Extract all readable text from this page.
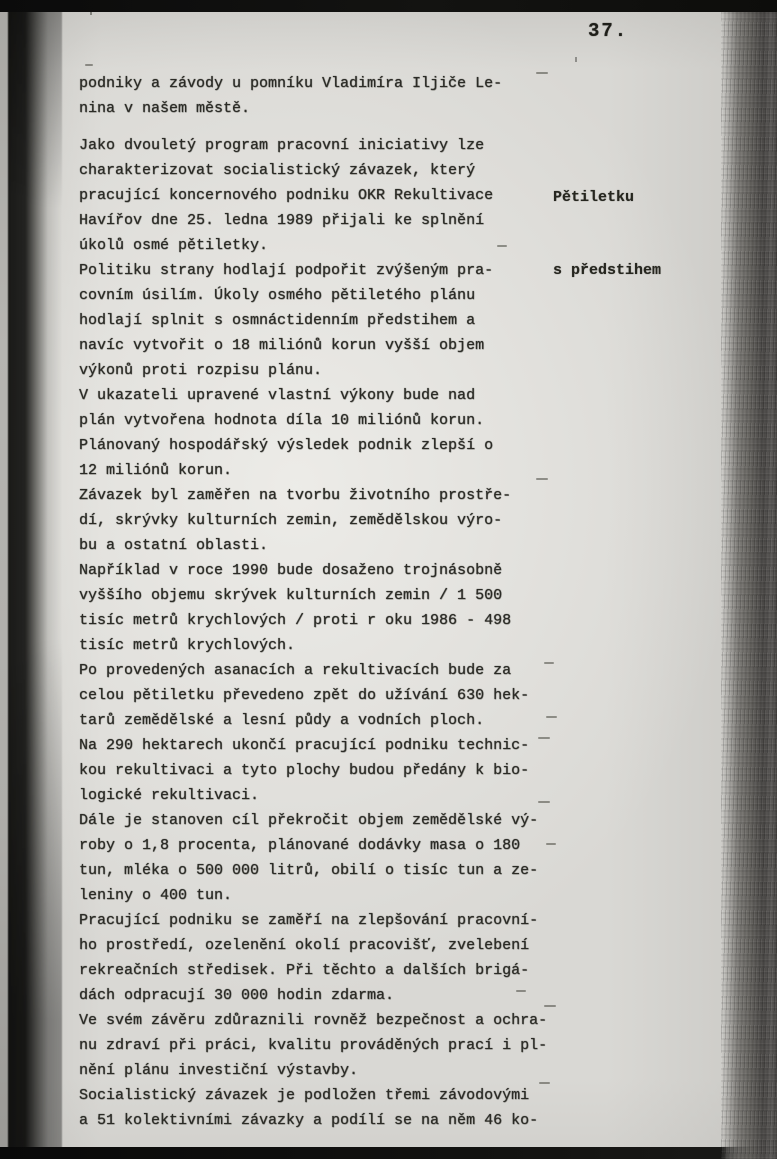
37.
podniky a závody u pomníku Vladimíra Iljiče Le-
nina v našem městě.
Jako dvouletý program pracovní iniciativy lze
charakterizovat socialistický závazek, který
pracující koncernového podniku OKR Rekultivace
Havířov dne 25. ledna 1989 přijali ke splnění
úkolů osmé pětiletky.
Politiku strany hodlají podpořit zvýšeným pra-
covním úsilím. Úkoly osmého pětiletého plánu
hodlají splnit s osmnáctidenním předstihem a
navíc vytvořit o 18 miliónů korun vyšší objem
výkonů proti rozpisu plánu.
V ukazateli upravené vlastní výkony bude nad
plán vytvořena hodnota díla 10 miliónů korun.
Plánovaný hospodářský výsledek podnik zlepší o
12 miliónů korun.
Závazek byl zaměřen na tvorbu životního prostře-
dí, skrývky kulturních zemin, zemědělskou výro-
bu a ostatní oblasti.
Například v roce 1990 bude dosaženo trojnásobně
vyššího objemu skrývek kulturních zemin / 1 500
tisíc metrů krychlových / proti r oku 1986 - 498
tisíc metrů krychlových.
Po provedených asanacích a rekultivacích bude za
celou pětiletku převedeno zpět do užívání 630 hek-
tarů zemědělské a lesní půdy a vodních ploch.
Na 290 hektarech ukončí pracující podniku technic-
kou rekultivaci a tyto plochy budou předány k bio-
logické rekultivaci.
Dále je stanoven cíl překročit objem zemědělské vý-
roby o 1,8 procenta, plánované dodávky masa o 180
tun, mléka o 500 000 litrů, obilí o tisíc tun a ze-
leniny o 400 tun.
Pracující podniku se zaměří na zlepšování pracovní-
ho prostředí, ozelenění okolí pracovišť, zvelebení
rekreačních středisek. Při těchto a dalších brigá-
dách odpracují 30 000 hodin zdarma.
Ve svém závěru zdůraznili rovněž bezpečnost a ochra-
nu zdraví při práci, kvalitu prováděných prací i pl-
nění plánu investiční výstavby.
Socialistický závazek je podložen třemi závodovými
a 51 kolektivními závazky a podílí se na něm 46 ko-

Pětiletku

s předstihem
